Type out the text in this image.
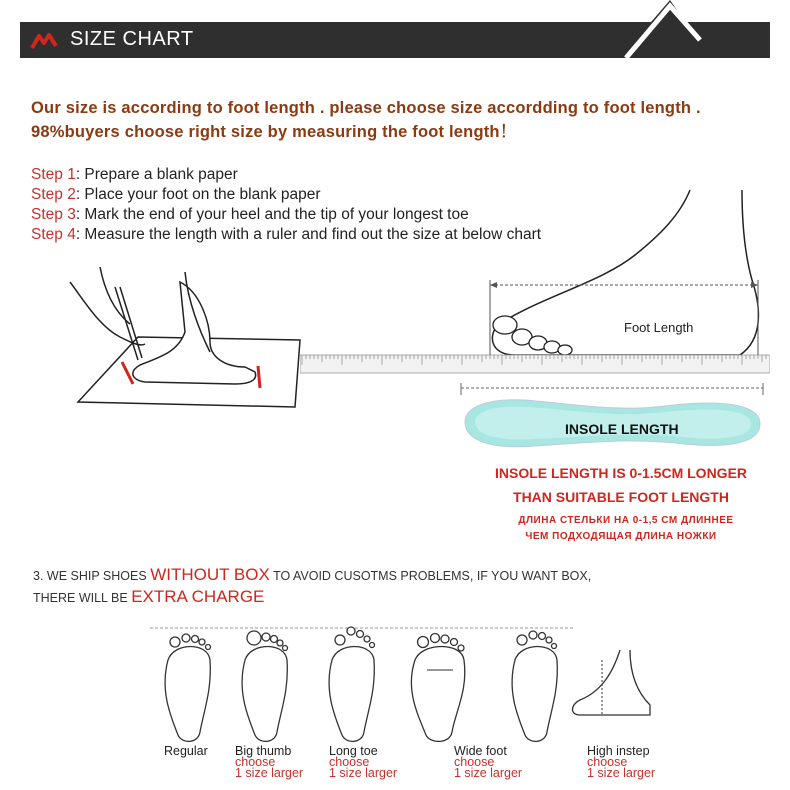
SIZE CHART
Our size is according to foot length . please choose size accordding to foot length .
98%buyers choose right size by measuring the foot length！
Step 1: Prepare a blank paper
Step 2: Place your foot on the blank paper
Step 3: Mark the end of your heel and the tip of your longest toe
Step 4: Measure the length with a ruler and find out the size at below chart
Foot Length
INSOLE LENGTH
INSOLE LENGTH IS 0-1.5CM LONGER
THAN SUITABLE FOOT LENGTH
ДЛИНА СТЕЛЬКИ НА 0-1,5 СМ ДЛИННЕЕ
ЧЕМ ПОДХОДЯЩАЯ ДЛИНА НОЖКИ
3. WE SHIP SHOES WITHOUT BOX TO AVOID CUSOTMS PROBLEMS, IF YOU WANT BOX,
THERE WILL BE EXTRA CHARGE
Regular Big thumb
choose
1 size larger
Long toe
choose
1 size larger
Wide foot
choose
1 size larger
High instep
choose
1 size larger
